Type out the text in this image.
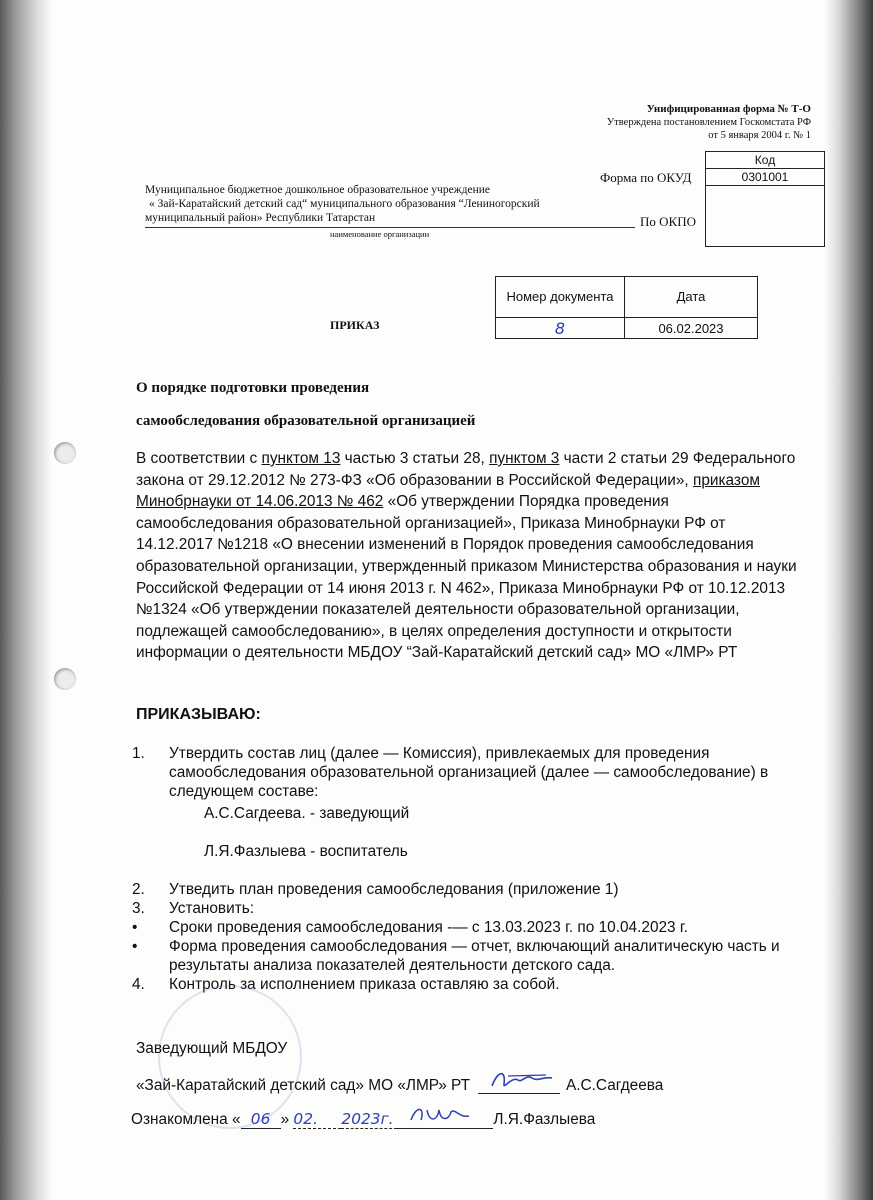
Унифицированная форма № Т-О
Утверждена постановлением Госкомстата РФ
от 5 января 2004 г. № 1
Код
0301001

Форма по ОКУД
По ОКПО
Муниципальное бюджетное дошкольное образовательное учреждение
« Зай-Каратайский детский сад“ муниципального образования “Лениногорский
муниципальный район» Республики Татарстан
наименование организации
Номер документа	Дата
8	06.02.2023
ПРИКАЗ
О порядке подготовки проведения
самообследования образовательной организацией
В соответствии с пунктом 13 частью 3 статьи 28, пунктом 3 части 2 статьи 29 Федерального закона от 29.12.2012 № 273-ФЗ «Об образовании в Российской Федерации», приказом Минобрнауки от 14.06.2013 № 462 «Об утверждении Порядка проведения самообследования образовательной организацией», Приказа Минобрнауки РФ от 14.12.2017 №1218 «О внесении изменений в Порядок проведения самообследования образовательной организации, утвержденный приказом Министерства образования и науки Российской Федерации от 14 июня 2013 г. N 462», Приказа Минобрнауки РФ от 10.12.2013 №1324 «Об утверждении показателей деятельности образовательной организации, подлежащей самообследованию», в целях определения доступности и открытости информации о деятельности МБДОУ “Зай-Каратайский детский сад» МО «ЛМР» РТ
ПРИКАЗЫВАЮ:
1. Утвердить состав лиц (далее — Комиссия), привлекаемых для проведения самообследования образовательной организацией (далее — самообследование) в следующем составе:
А.С.Сагдеева. - заведующий
Л.Я.Фазлыева - воспитатель
2. Утведить план проведения самообследования (приложение 1)
3. Установить:
• Сроки проведения самообследования -— с 13.03.2023 г. по 10.04.2023 г.
• Форма проведения самообследования — отчет, включающий аналитическую часть и результаты анализа показателей деятельности детского сада.
4. Контроль за исполнением приказа оставляю за собой.
Заведующий МБДОУ
«Зай-Каратайский детский сад» МО «ЛМР» РТ	А.С.Сагдеева
Ознакомлена « 06 » 02. 2023г.	Л.Я.Фазлыева
